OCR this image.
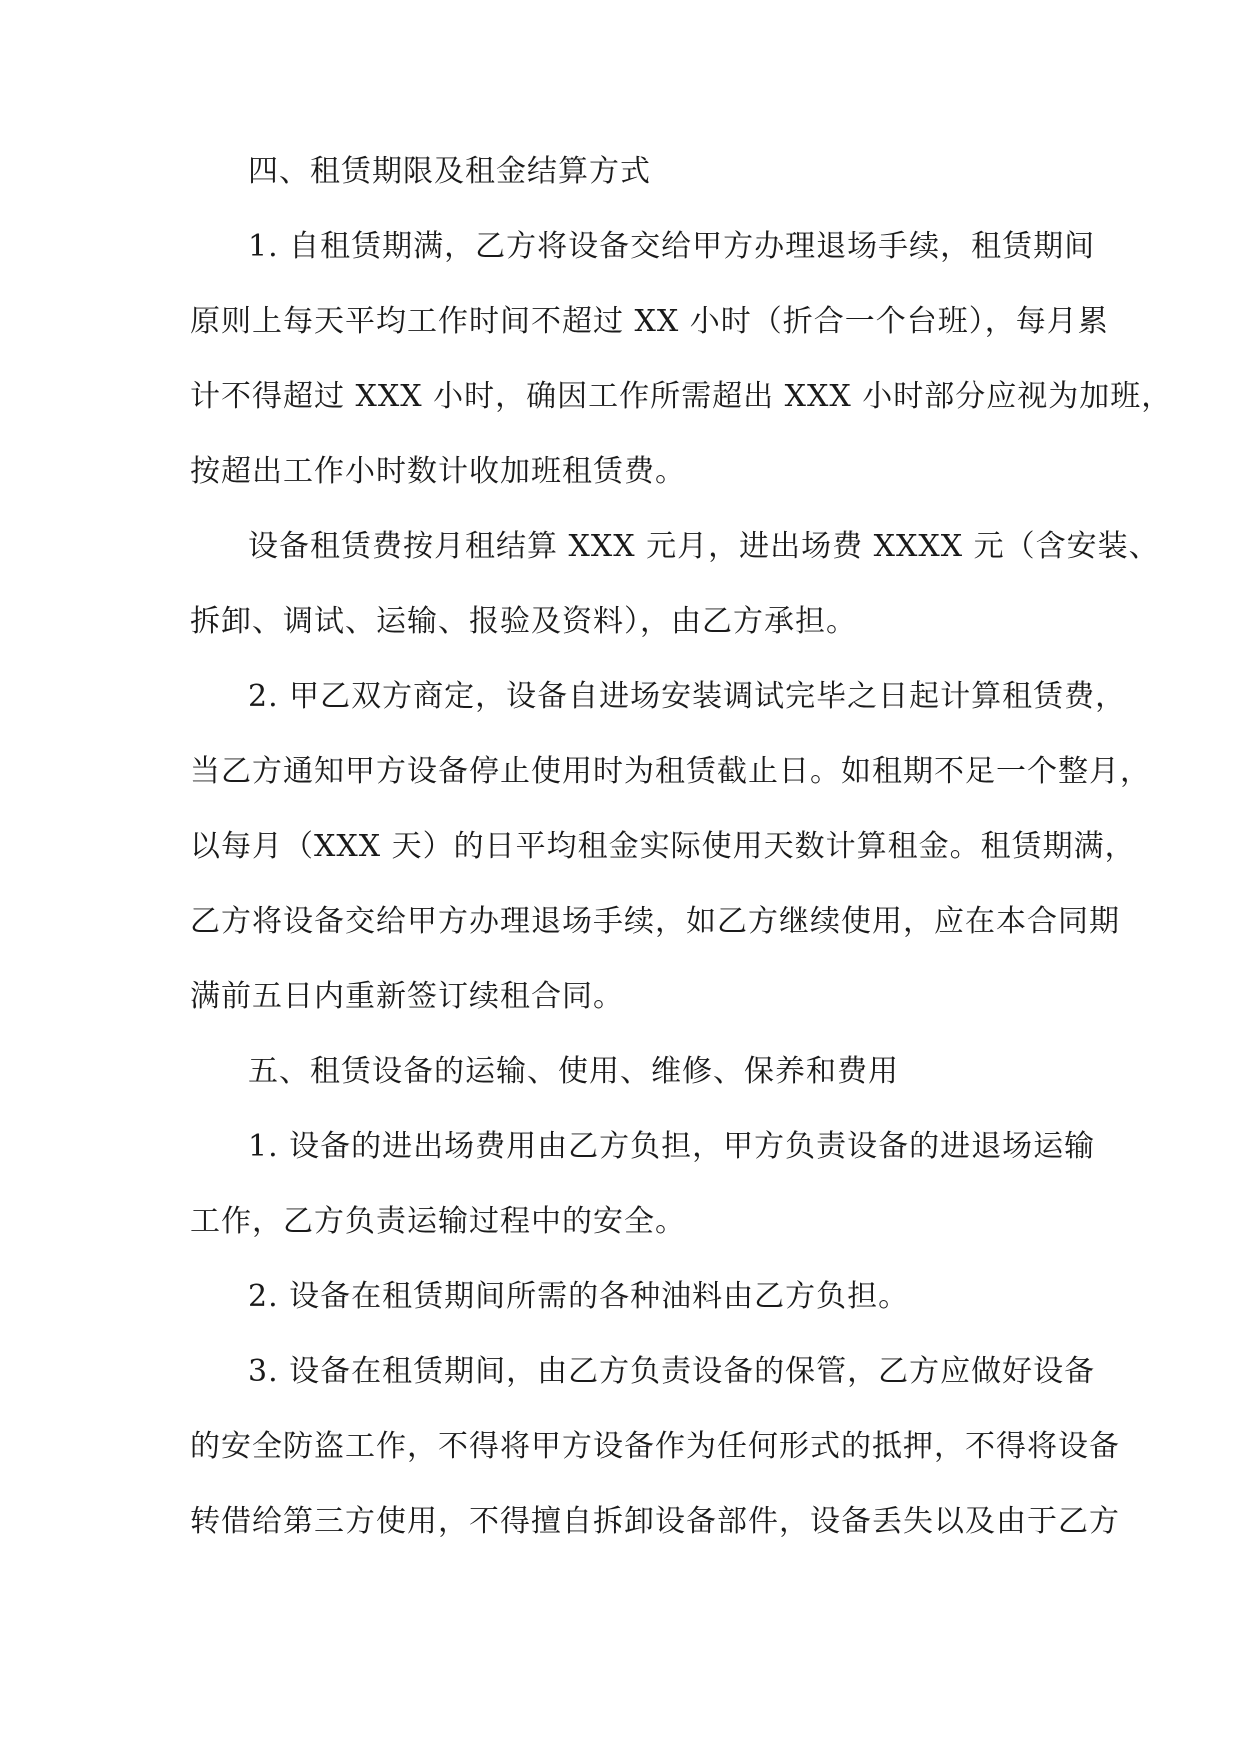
四、租赁期限及租金结算方式
1. 自租赁期满，乙方将设备交给甲方办理退场手续，租赁期间
原则上每天平均工作时间不超过 XX 小时（折合一个台班），每月累
计不得超过 XXX 小时，确因工作所需超出 XXX 小时部分应视为加班，
按超出工作小时数计收加班租赁费。
设备租赁费按月租结算 XXX 元月，进出场费 XXXX 元（含安装、
拆卸、调试、运输、报验及资料），由乙方承担。
2. 甲乙双方商定，设备自进场安装调试完毕之日起计算租赁费，
当乙方通知甲方设备停止使用时为租赁截止日。如租期不足一个整月，
以每月（XXX 天）的日平均租金实际使用天数计算租金。租赁期满，
乙方将设备交给甲方办理退场手续，如乙方继续使用，应在本合同期
满前五日内重新签订续租合同。
五、租赁设备的运输、使用、维修、保养和费用
1. 设备的进出场费用由乙方负担，甲方负责设备的进退场运输
工作，乙方负责运输过程中的安全。
2. 设备在租赁期间所需的各种油料由乙方负担。
3. 设备在租赁期间，由乙方负责设备的保管，乙方应做好设备
的安全防盗工作，不得将甲方设备作为任何形式的抵押，不得将设备
转借给第三方使用，不得擅自拆卸设备部件，设备丢失以及由于乙方
